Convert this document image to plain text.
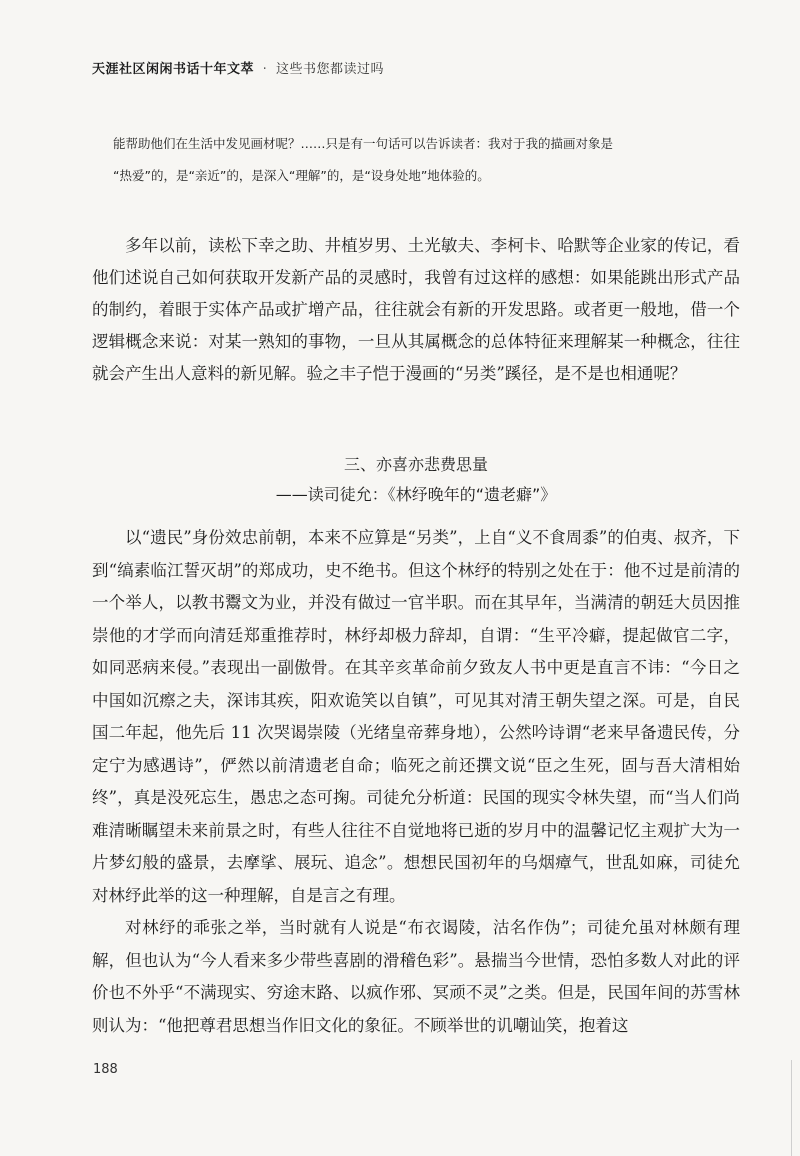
天涯社区闲闲书话十年文萃 · 这些书您都读过吗

能帮助他们在生活中发见画材呢？……只是有一句话可以告诉读者：我对于我的描画对象是

“热爱”的，是“亲近”的，是深入“理解”的，是“设身处地”地体验的。

多年以前，读松下幸之助、井植岁男、土光敏夫、李柯卡、哈默等企业家的传记，看他们述说自己如何获取开发新产品的灵感时，我曾有过这样的感想：如果能跳出形式产品的制约，着眼于实体产品或扩增产品，往往就会有新的开发思路。或者更一般地，借一个逻辑概念来说：对某一熟知的事物，一旦从其属概念的总体特征来理解某一种概念，往往就会产生出人意料的新见解。验之丰子恺于漫画的“另类”蹊径，是不是也相通呢？

三、亦喜亦悲费思量
——读司徒允：《林纾晚年的“遗老癖”》

以“遗民”身份效忠前朝，本来不应算是“另类”，上自“义不食周黍”的伯夷、叔齐，下到“缟素临江誓灭胡”的郑成功，史不绝书。但这个林纾的特别之处在于：他不过是前清的一个举人，以教书鬻文为业，并没有做过一官半职。而在其早年，当满清的朝廷大员因推崇他的才学而向清廷郑重推荐时，林纾却极力辞却，自谓：“生平冷癖，提起做官二字，如同恶病来侵。”表现出一副傲骨。在其辛亥革命前夕致友人书中更是直言不讳：“今日之中国如沉瘵之夫，深讳其疾，阳欢诡笑以自镇”，可见其对清王朝失望之深。可是，自民国二年起，他先后 11 次哭谒崇陵（光绪皇帝葬身地），公然吟诗谓“老来早备遗民传，分定宁为感遇诗”，俨然以前清遗老自命；临死之前还撰文说“臣之生死，固与吾大清相始终”，真是没死忘生，愚忠之态可掬。司徒允分析道：民国的现实令林失望，而“当人们尚难清晰瞩望未来前景之时，有些人往往不自觉地将已逝的岁月中的温馨记忆主观扩大为一片梦幻般的盛景，去摩挲、展玩、追念”。想想民国初年的乌烟瘴气，世乱如麻，司徒允对林纾此举的这一种理解，自是言之有理。

对林纾的乖张之举，当时就有人说是“布衣谒陵，沽名作伪”；司徒允虽对林颇有理解，但也认为“今人看来多少带些喜剧的滑稽色彩”。悬揣当今世情，恐怕多数人对此的评价也不外乎“不满现实、穷途末路、以疯作邪、冥顽不灵”之类。但是，民国年间的苏雪林则认为：“他把尊君思想当作旧文化的象征。不顾举世的讥嘲讪笑，抱着这

188
